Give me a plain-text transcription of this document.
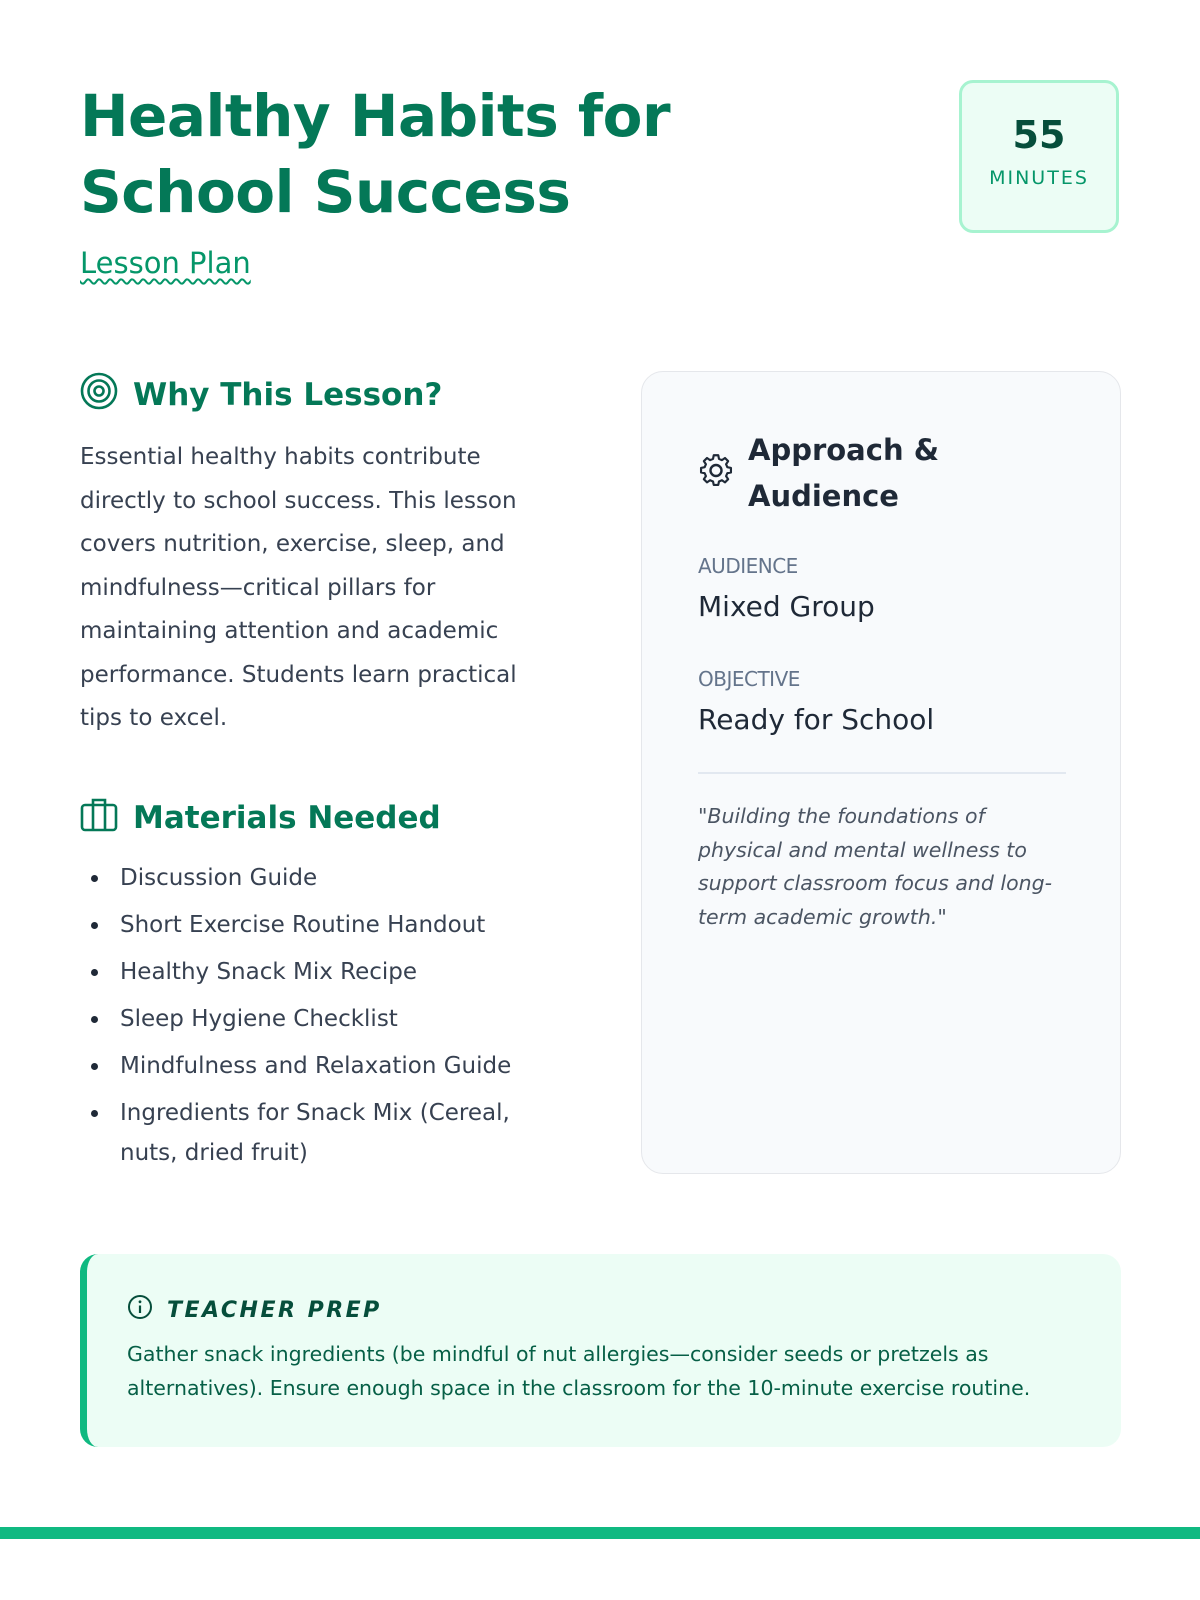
Healthy Habits for School Success
Lesson Plan
55
MINUTES
Why This Lesson?

Essential healthy habits contribute directly to school success. This lesson covers nutrition, exercise, sleep, and mindfulness—critical pillars for maintaining attention and academic performance. Students learn practical tips to excel.

Materials Needed
Discussion Guide
Short Exercise Routine Handout
Healthy Snack Mix Recipe
Sleep Hygiene Checklist
Mindfulness and Relaxation Guide
Ingredients for Snack Mix (Cereal, nuts, dried fruit)
Approach & Audience
AUDIENCE
Mixed Group
OBJECTIVE
Ready for School

"Building the foundations of physical and mental wellness to support classroom focus and long-term academic growth."

TEACHER PREP

Gather snack ingredients (be mindful of nut allergies—consider seeds or pretzels as alternatives). Ensure enough space in the classroom for the 10-minute exercise routine.
